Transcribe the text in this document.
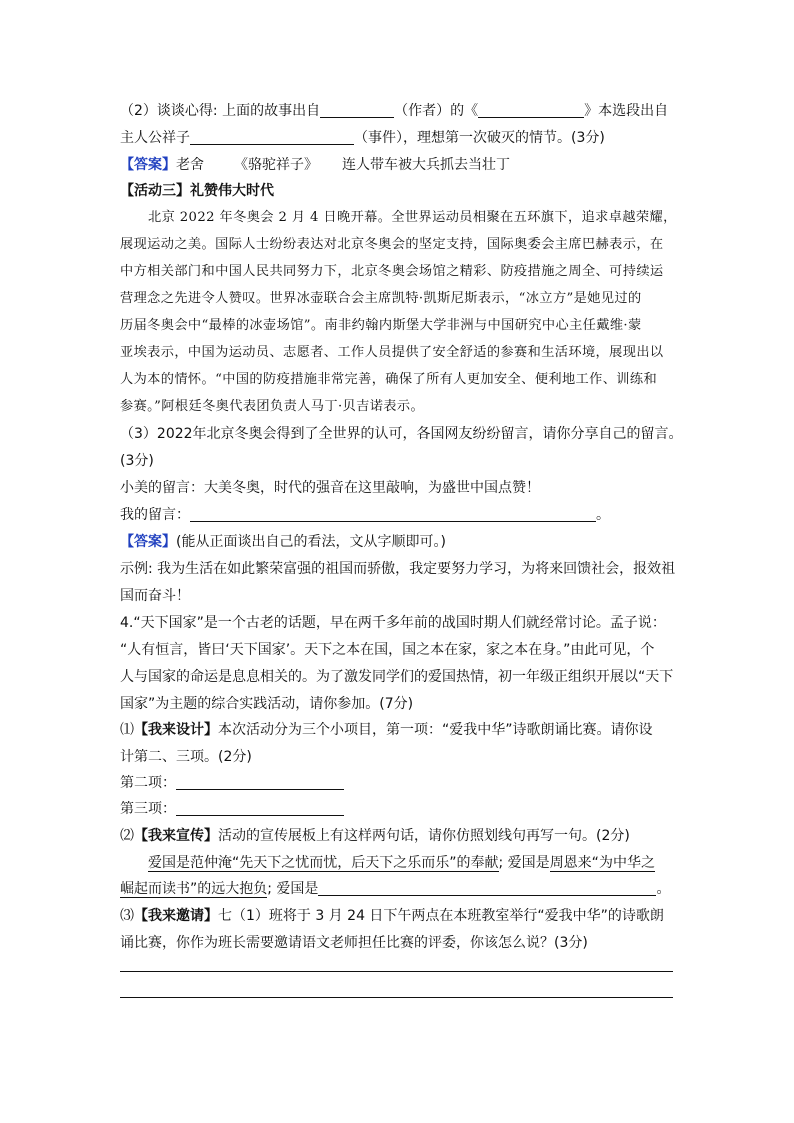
（2）谈谈心得: 上面的故事出自	（作者）的《	》本选段出自
主人公祥子	（事件），理想第一次破灭的情节。(3分)
【答案】老舍 《骆驼祥子》 连人带车被大兵抓去当壮丁
【活动三】礼赞伟大时代
北京 2022 年冬奥会 2 月 4 日晚开幕。全世界运动员相聚在五环旗下，追求卓越荣耀，
展现运动之美。国际人士纷纷表达对北京冬奥会的坚定支持，国际奥委会主席巴赫表示，在
中方相关部门和中国人民共同努力下，北京冬奥会场馆之精彩、防疫措施之周全、可持续运
营理念之先进令人赞叹。世界冰壶联合会主席凯特·凯斯尼斯表示，“冰立方”是她见过的
历届冬奥会中“最棒的冰壶场馆”。南非约翰内斯堡大学非洲与中国研究中心主任戴维·蒙
亚埃表示，中国为运动员、志愿者、工作人员提供了安全舒适的参赛和生活环境，展现出以
人为本的情怀。“中国的防疫措施非常完善，确保了所有人更加安全、便利地工作、训练和
参赛。”阿根廷冬奥代表团负责人马丁·贝吉诺表示。
（3）2022年北京冬奥会得到了全世界的认可，各国网友纷纷留言，请你分享自己的留言。
(3分)
小美的留言：大美冬奥，时代的强音在这里敲响，为盛世中国点赞！
我的留言：	。
【答案】(能从正面谈出自己的看法，文从字顺即可。)
示例: 我为生活在如此繁荣富强的祖国而骄傲，我定要努力学习，为将来回馈社会，报效祖
国而奋斗！
4.“天下国家”是一个古老的话题，早在两千多年前的战国时期人们就经常讨论。孟子说：
“人有恒言，皆曰‘天下国家’。天下之本在国，国之本在家，家之本在身。”由此可见，个
人与国家的命运是息息相关的。为了激发同学们的爱国热情，初一年级正组织开展以“天下
国家”为主题的综合实践活动，请你参加。(7分)
⑴【我来设计】本次活动分为三个小项目，第一项：“爱我中华”诗歌朗诵比赛。请你设
计第二、三项。(2分)
第二项：
第三项：
⑵【我来宣传】活动的宣传展板上有这样两句话，请你仿照划线句再写一句。(2分)
爱国是范仲淹“先天下之忧而忧，后天下之乐而乐”的奉献; 爱国是周恩来“为中华之
崛起而读书”的远大抱负; 爱国是	。
⑶【我来邀请】七（1）班将于 3 月 24 日下午两点在本班教室举行“爱我中华”的诗歌朗
诵比赛，你作为班长需要邀请语文老师担任比赛的评委，你该怎么说？(3分)
